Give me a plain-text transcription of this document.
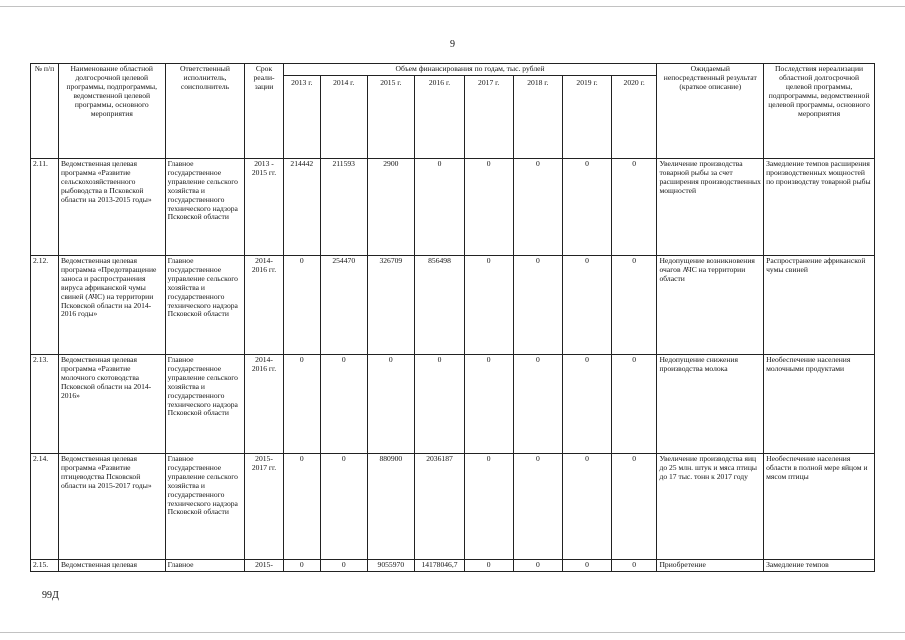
9
№ п/п	Наименование областной долгосрочной целевой программы, подпрограммы, ведомственной целевой программы, основного мероприятия	Ответственный исполнитель, соисполнитель	Срок реали- зации	Объем финансирования по годам, тыс. рублей								Ожидаемый непосредственный результат (краткое описание)	Последствия нереализации областной долгосрочной целевой программы, подпрограммы, ведомственной целевой программы, основного мероприятия
				2013 г.	2014 г.	2015 г.	2016 г.	2017 г.	2018 г.	2019 г.	2020 г.		
2.11.	Ведомственная целевая программа «Развитие сельскохозяйственного рыбоводства в Псковской области на 2013-2015 годы»	Главное государственное управление сельского хозяйства и государственного технического надзора Псковской области	2013 - 2015 гг.	214442	211593	2900	0	0	0	0	0	Увеличение производства товарной рыбы за счет расширения производственных мощностей	Замедление темпов расширения производственных мощностей по производству товарной рыбы
2.12.	Ведомственная целевая программа «Предотвращение заноса и распространения вируса африканской чумы свиней (АЧС) на территории Псковской области на 2014-2016 годы»	Главное государственное управление сельского хозяйства и государственного технического надзора Псковской области	2014- 2016 гг.	0	254470	326709	856498	0	0	0	0	Недопущение возникновения очагов АЧС на территории области	Распространение африканской чумы свиней
2.13.	Ведомственная целевая программа «Развитие молочного скотоводства Псковской области на 2014-2016»	Главное государственное управление сельского хозяйства и государственного технического надзора Псковской области	2014- 2016 гг.	0	0	0	0	0	0	0	0	Недопущение снижения производства молока	Необеспечение населения молочными продуктами
2.14.	Ведомственная целевая программа «Развитие птицеводства Псковской области на 2015-2017 годы»	Главное государственное управление сельского хозяйства и государственного технического надзора Псковской области	2015- 2017 гг.	0	0	880900	2036187	0	0	0	0	Увеличение производства яиц до 25 млн. штук и мяса птицы до 17 тыс. тонн к 2017 году	Необеспечение населения области в полной мере яйцом и мясом птицы
2.15.	Ведомственная целевая	Главное	2015-	0	0	9055970	14178046,7	0	0	0	0	Приобретение	Замедление темпов
99Д
